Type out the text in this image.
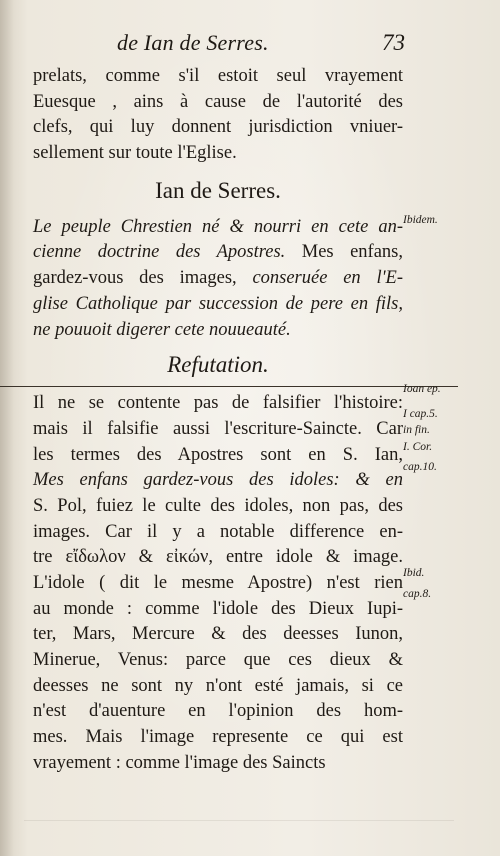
de Ian de Serres.	73
prelats, comme s'il estoit seul vrayement
Euesque , ains à cause de l'autorité des
clefs, qui luy donnent jurisdiction vniuer-
sellement sur toute l'Eglise.
Ian de Serres.
Le peuple Chrestien né & nourri en cete an-
cienne doctrine des Apostres. Mes enfans,
gardez-vous des images, conseruée en l'E-
glise Catholique par succession de pere en fils,
ne pouuoit digerer cete nouueauté.
Refutation.
Il ne se contente pas de falsifier l'histoire:
mais il falsifie aussi l'escriture-Saincte. Car
les termes des Apostres sont en S. Ian,
Mes enfans gardez-vous des idoles: & en
S. Pol, fuiez le culte des idoles, non pas, des
images. Car il y a notable difference en-
tre εἴδωλον & εἰκών, entre idole & image.
L'idole ( dit le mesme Apostre) n'est rien
au monde : comme l'idole des Dieux Iupi-
ter, Mars, Mercure & des deesses Iunon,
Minerue, Venus: parce que ces dieux &
deesses ne sont ny n'ont esté jamais, si ce
n'est d'auenture en l'opinion des hom-
mes. Mais l'image represente ce qui est
vrayement : comme l'image des Saincts
Ibidem.
Ioan ep.
I cap.5.
in fin.
I. Cor.
cap.10.
Ibid.
cap.8.
